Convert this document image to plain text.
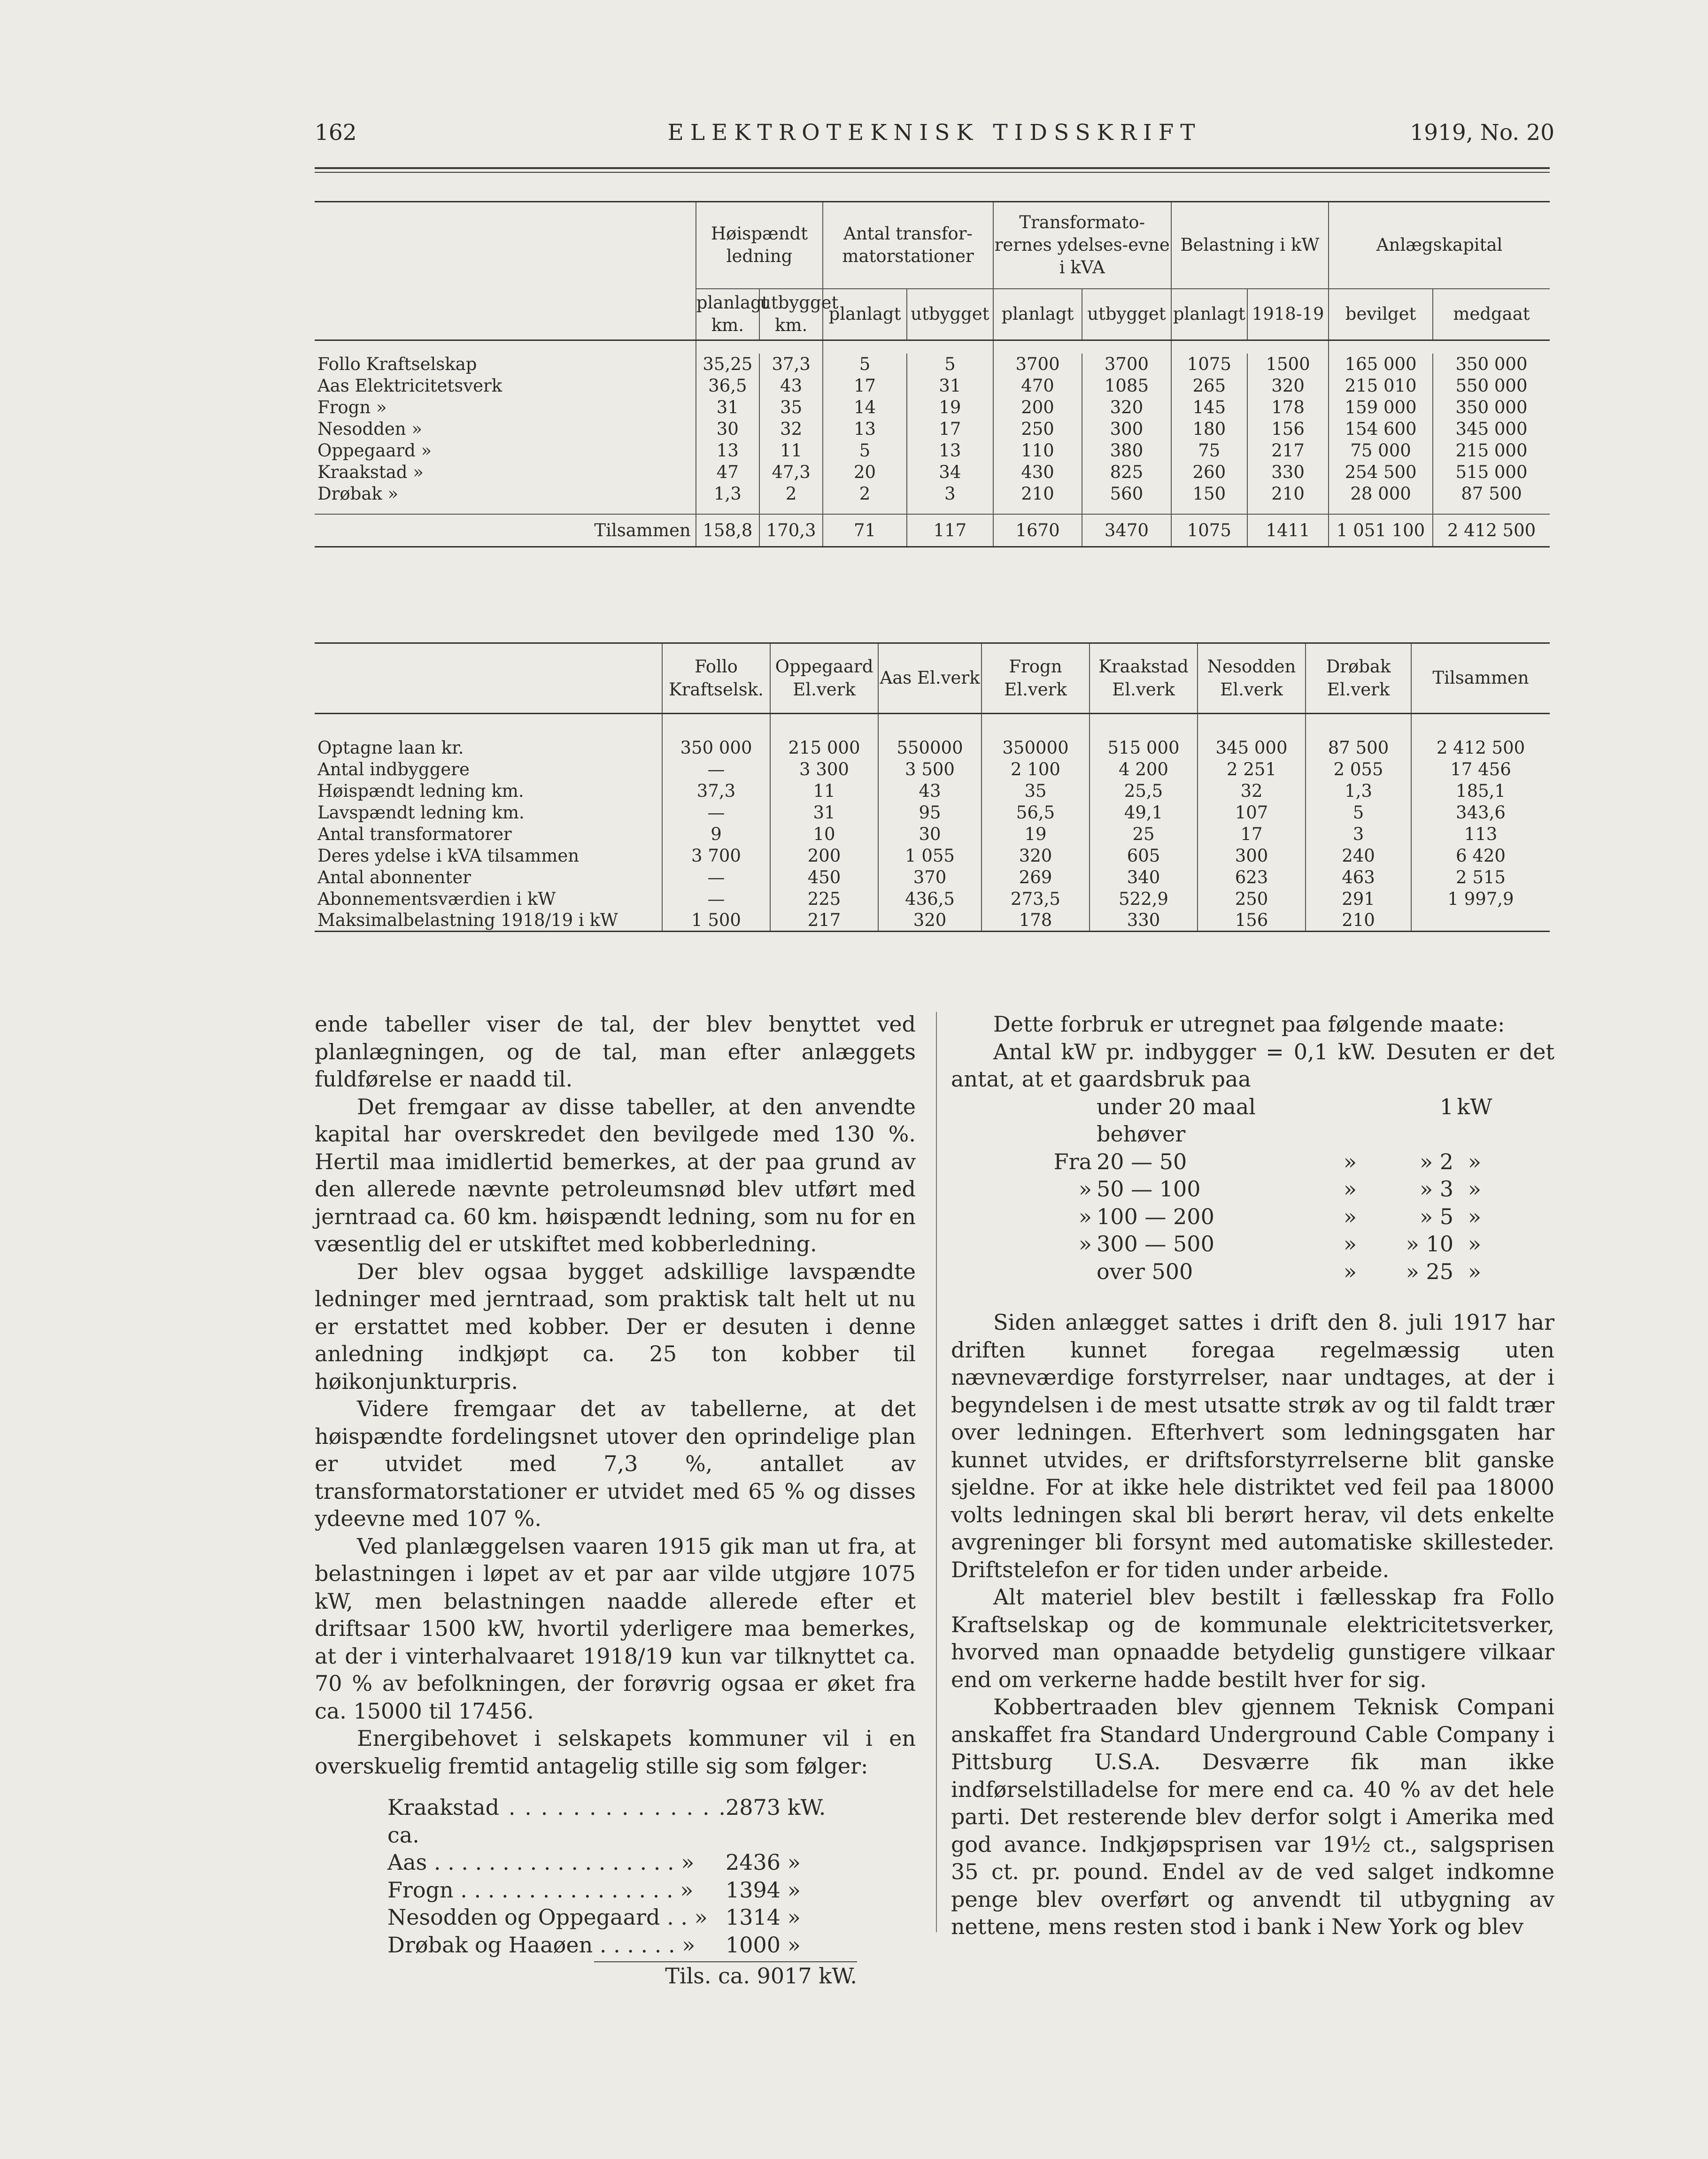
162	ELEKTROTEKNISK TIDSSKRIFT	1919, No. 20
	Høispændt ledning		Antal transfor-matorstationer		Transformato-rernes ydelses-evne i kVA		Belastning i kW		Anlægskapital	
	planlagt km.	utbygget km.	planlagt	utbygget	planlagt	utbygget	planlagt	1918-19	bevilget	medgaat

Follo Kraftselskap	35,25	37,3	5	5	3700	3700	1075	1500	165 000	350 000
Aas Elektricitetsverk	36,5	43	17	31	470	1085	265	320	215 010	550 000
Frogn »	31	35	14	19	200	320	145	178	159 000	350 000
Nesodden »	30	32	13	17	250	300	180	156	154 600	345 000
Oppegaard »	13	11	5	13	110	380	75	217	75 000	215 000
Kraakstad »	47	47,3	20	34	430	825	260	330	254 500	515 000
Drøbak »	1,3	2	2	3	210	560	150	210	28 000	87 500

Tilsammen	158,8	170,3	71	117	1670	3470	1075	1411	1 051 100	2 412 500
	Follo Kraftselsk.	Oppegaard El.verk	Aas El.verk	Frogn El.verk	Kraakstad El.verk	Nesodden El.verk	Drøbak El.verk	Tilsammen

Optagne laan kr.	350 000	215 000	550000	350000	515 000	345 000	87 500	2 412 500
Antal indbyggere	—	3 300	3 500	2 100	4 200	2 251	2 055	17 456
Høispændt ledning km.	37,3	11	43	35	25,5	32	1,3	185,1
Lavspændt ledning km.	—	31	95	56,5	49,1	107	5	343,6
Antal transformatorer	9	10	30	19	25	17	3	113
Deres ydelse i kVA tilsammen	3 700	200	1 055	320	605	300	240	6 420
Antal abonnenter	—	450	370	269	340	623	463	2 515
Abonnementsværdien i kW	—	225	436,5	273,5	522,9	250	291	1 997,9
Maksimalbelastning 1918/19 i kW	1 500	217	320	178	330	156	210	

ende tabeller viser de tal, der blev benyttet ved planlægningen, og de tal, man efter anlæggets fuldførelse er naadd til.

Det fremgaar av disse tabeller, at den anvendte kapital har overskredet den bevilgede med 130 %. Hertil maa imidlertid bemerkes, at der paa grund av den allerede nævnte petroleumsnød blev utført med jerntraad ca. 60 km. høispændt ledning, som nu for en væsentlig del er utskiftet med kobberledning.

Der blev ogsaa bygget adskillige lavspændte ledninger med jerntraad, som praktisk talt helt ut nu er erstattet med kobber. Der er desuten i denne anledning indkjøpt ca. 25 ton kobber til høikonjunkturpris.

Videre fremgaar det av tabellerne, at det høispændte fordelingsnet utover den oprindelige plan er utvidet med 7,3 %, antallet av transformatorstationer er utvidet med 65 % og disses ydeevne med 107 %.

Ved planlæggelsen vaaren 1915 gik man ut fra, at belastningen i løpet av et par aar vilde utgjøre 1075 kW, men belastningen naadde allerede efter et driftsaar 1500 kW, hvortil yderligere maa bemerkes, at der i vinterhalvaaret 1918/19 kun var tilknyttet ca. 70 % av befolkningen, der forøvrig ogsaa er øket fra ca. 15000 til 17456.

Energibehovet i selskapets kommuner vil i en overskuelig fremtid antagelig stille sig som følger:

Kraakstad . . . . . . . . . . . . . . ca.
2873 kW.
Aas . . . . . . . . . . . . . . . . . . »	2436 »
Frogn . . . . . . . . . . . . . . . . »	1394 »
Nesodden og Oppegaard . . » 1314 »
Drøbak og Haaøen . . . . . . »	1000 »
Tils. ca. 9017 kW.

Dette forbruk er utregnet paa følgende maate:

Antal kW pr. indbygger = 0,1 kW. Desuten er det antat, at et gaardsbruk paa

under 20 maal behøver
1 kW
Fra 20 — 50	»	» 2 »
» 50 — 100	»	» 3 »
» 100 — 200	»	» 5 »
» 300 — 500	»	» 10 »
over 500	»	» 25 »

Siden anlægget sattes i drift den 8. juli 1917 har driften kunnet foregaa regelmæssig uten nævneværdige forstyrrelser, naar undtages, at der i begyndelsen i de mest utsatte strøk av og til faldt trær over ledningen. Efterhvert som ledningsgaten har kunnet utvides, er driftsforstyrrelserne blit ganske sjeldne. For at ikke hele distriktet ved feil paa 18000 volts ledningen skal bli berørt herav, vil dets enkelte avgreninger bli forsynt med automatiske skillesteder. Driftstelefon er for tiden under arbeide.

Alt materiel blev bestilt i fællesskap fra Follo Kraftselskap og de kommunale elektricitetsverker, hvorved man opnaadde betydelig gunstigere vilkaar end om verkerne hadde bestilt hver for sig.

Kobbertraaden blev gjennem Teknisk Compani anskaffet fra Standard Underground Cable Company i Pittsburg U.S.A. Desværre fik man ikke indførselstilladelse for mere end ca. 40 % av det hele parti. Det resterende blev derfor solgt i Amerika med god avance. Indkjøpsprisen var 19½ ct., salgsprisen 35 ct. pr. pound. Endel av de ved salget indkomne penge blev overført og anvendt til utbygning av nettene, mens resten stod i bank i New York og blev
